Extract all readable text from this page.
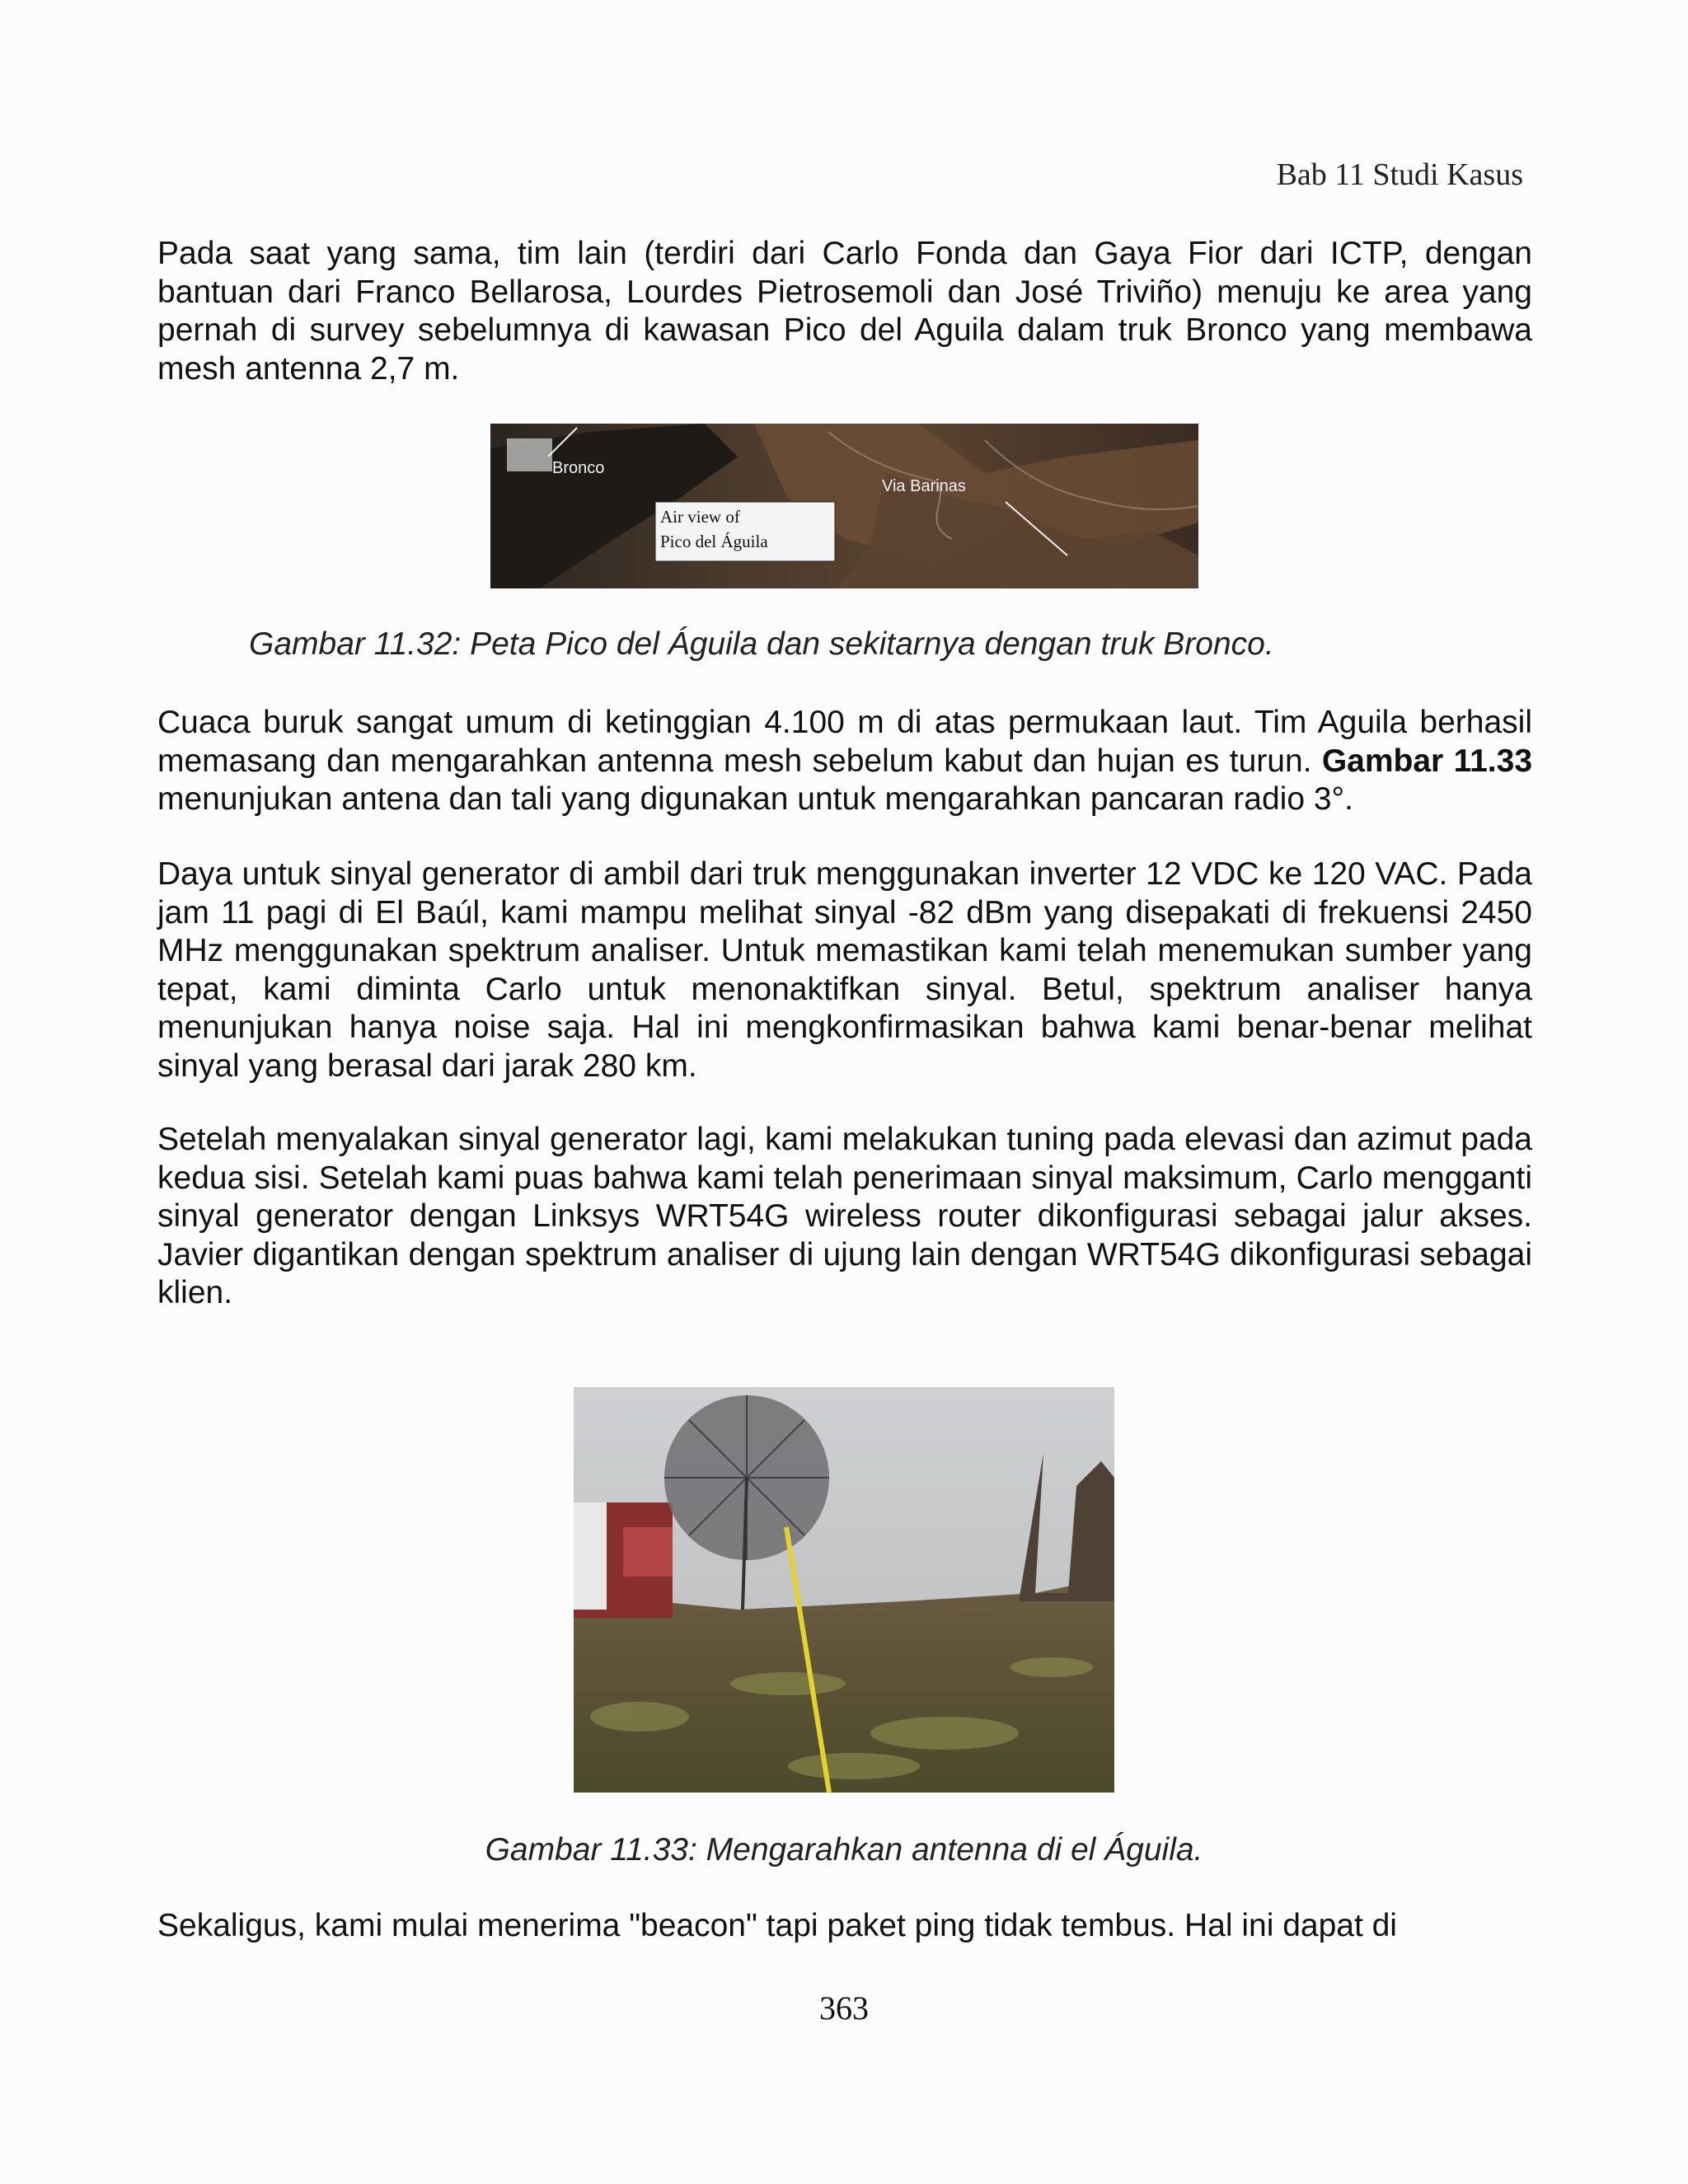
Bab 11 Studi Kasus

Pada saat yang sama, tim lain (terdiri dari Carlo Fonda dan Gaya Fior dari ICTP, dengan bantuan dari Franco Bellarosa, Lourdes Pietrosemoli dan José Triviño) menuju ke area yang pernah di survey sebelumnya di kawasan Pico del Aguila dalam truk Bronco yang membawa mesh antenna 2,7 m.

Bronco
Via Barinas
Air view of
Pico del Águila

Gambar 11.32: Peta Pico del Águila dan sekitarnya dengan truk Bronco.

Cuaca buruk sangat umum di ketinggian 4.100 m di atas permukaan laut. Tim Aguila berhasil memasang dan mengarahkan antenna mesh sebelum kabut dan hujan es turun. Gambar 11.33 menunjukan antena dan tali yang digunakan untuk mengarahkan pancaran radio 3°.

Daya untuk sinyal generator di ambil dari truk menggunakan inverter 12 VDC ke 120 VAC. Pada jam 11 pagi di El Baúl, kami mampu melihat sinyal -82 dBm yang disepakati di frekuensi 2450 MHz menggunakan spektrum analiser. Untuk memastikan kami telah menemukan sumber yang tepat, kami diminta Carlo untuk menonaktifkan sinyal. Betul, spektrum analiser hanya menunjukan hanya noise saja. Hal ini mengkonfirmasikan bahwa kami benar-benar melihat sinyal yang berasal dari jarak 280 km.

Setelah menyalakan sinyal generator lagi, kami melakukan tuning pada elevasi dan azimut pada kedua sisi. Setelah kami puas bahwa kami telah penerimaan sinyal maksimum, Carlo mengganti sinyal generator dengan Linksys WRT54G wireless router dikonfigurasi sebagai jalur akses. Javier digantikan dengan spektrum analiser di ujung lain dengan WRT54G dikonfigurasi sebagai klien.

Gambar 11.33: Mengarahkan antenna di el Águila.

Sekaligus, kami mulai menerima "beacon" tapi paket ping tidak tembus. Hal ini dapat di

363
